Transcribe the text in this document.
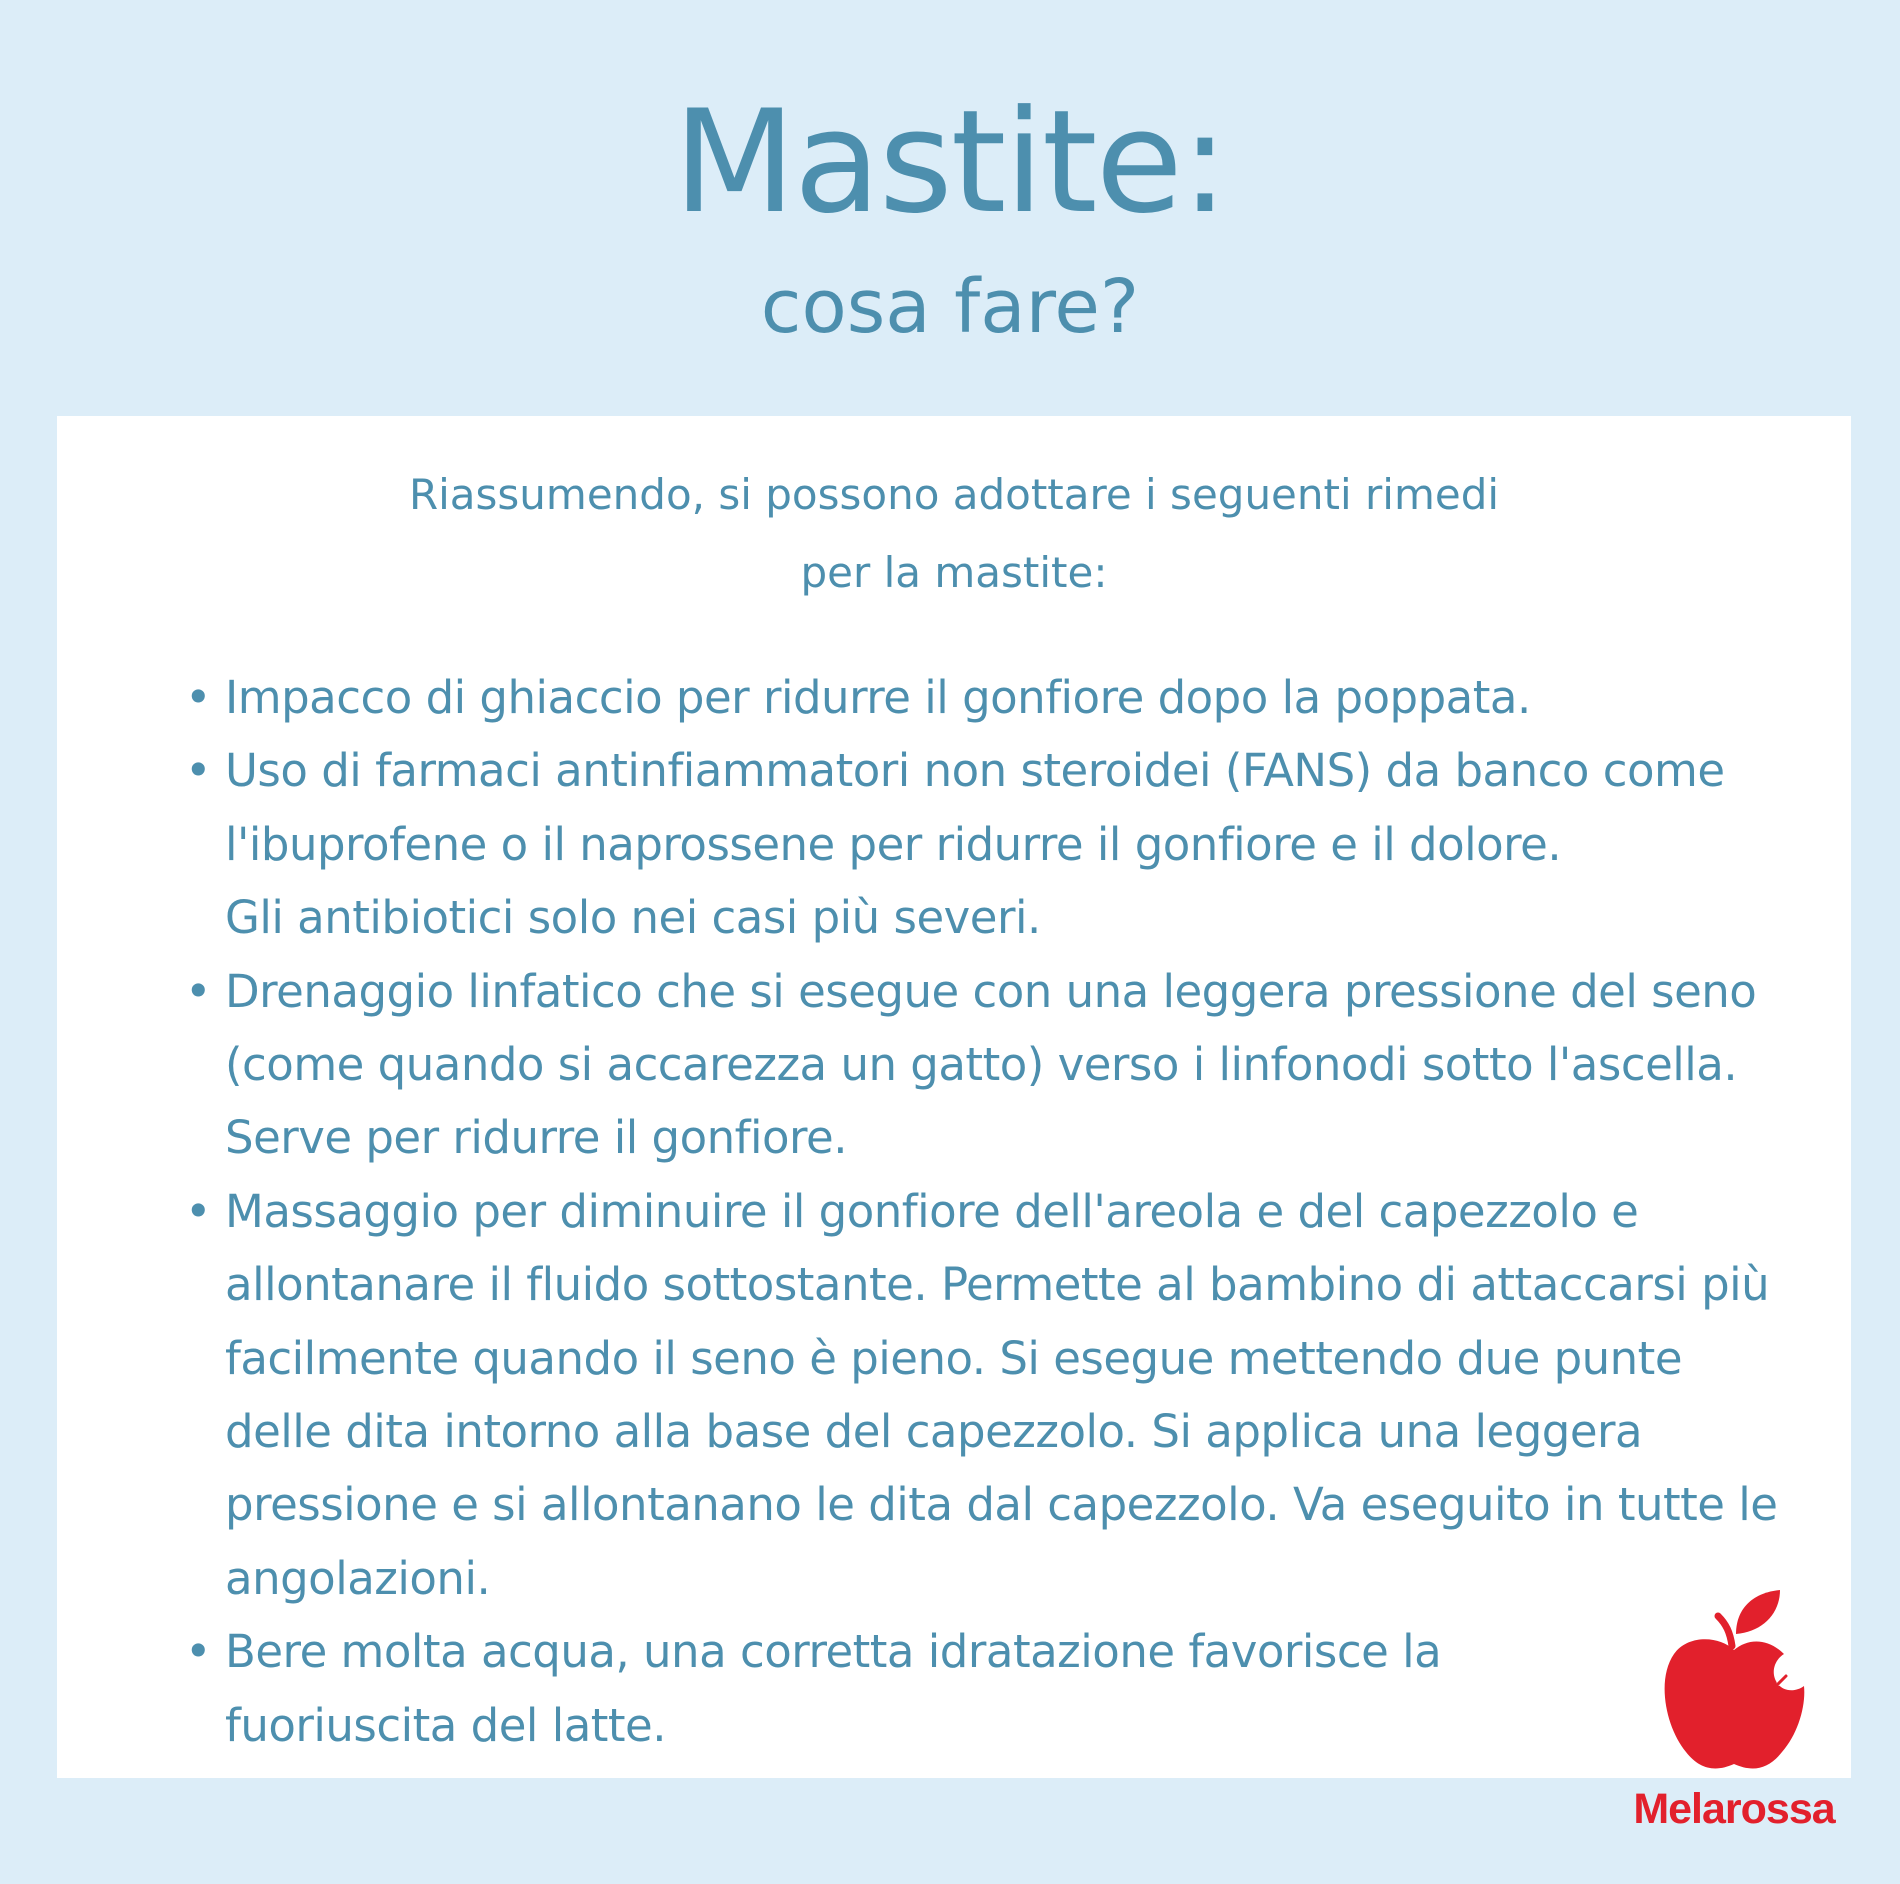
Mastite:
cosa fare?
Riassumendo, si possono adottare i seguenti rimedi
per la mastite:
• Impacco di ghiaccio per ridurre il gonfiore dopo la poppata.
• Uso di farmaci antinfiammatori non steroidei (FANS) da banco come
l'ibuprofene o il naprossene per ridurre il gonfiore e il dolore.
Gli antibiotici solo nei casi più severi.
• Drenaggio linfatico che si esegue con una leggera pressione del seno
(come quando si accarezza un gatto) verso i linfonodi sotto l'ascella.
Serve per ridurre il gonfiore.
• Massaggio per diminuire il gonfiore dell'areola e del capezzolo e
allontanare il fluido sottostante. Permette al bambino di attaccarsi più
facilmente quando il seno è pieno. Si esegue mettendo due punte
delle dita intorno alla base del capezzolo. Si applica una leggera
pressione e si allontanano le dita dal capezzolo. Va eseguito in tutte le
angolazioni.
• Bere molta acqua, una corretta idratazione favorisce la
fuoriuscita del latte.
Melarossa
